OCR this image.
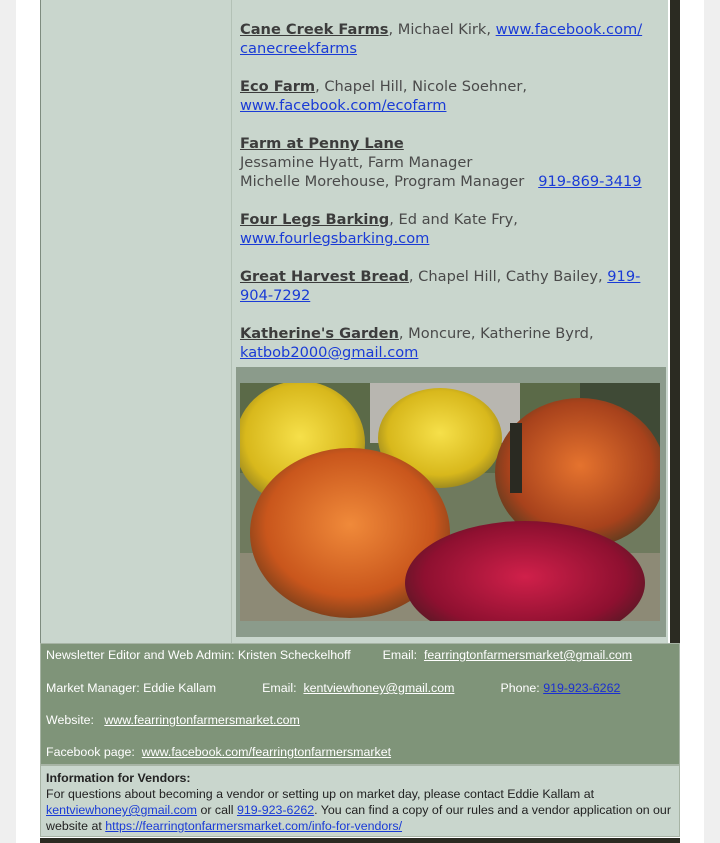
Cane Creek Farms, Michael Kirk, www.facebook.com/ canecreekfarms
Eco Farm, Chapel Hill, Nicole Soehner,
www.facebook.com/ecofarm
Farm at Penny Lane
Jessamine Hyatt, Farm Manager
Michelle Morehouse, Program Manager 919-869-3419
Four Legs Barking, Ed and Kate Fry,
www.fourlegsbarking.com
Great Harvest Bread, Chapel Hill, Cathy Bailey, 919-904-7292
Katherine's Garden, Moncure, Katherine Byrd,
katbob2000@gmail.com
Newsletter Editor and Web Admin: Kristen Scheckelhoff	Email: fearringtonfarmersmarket@gmail.com
Market Manager: Eddie Kallam	Email: kentviewhoney@gmail.com	Phone: 919-923-6262
Website: www.fearringtonfarmersmarket.com
Facebook page: www.facebook.com/fearringtonfarmersmarket
Information for Vendors:
For questions about becoming a vendor or setting up on market day, please contact Eddie Kallam at
kentviewhoney@gmail.com or call 919-923-6262. You can find a copy of our rules and a vendor application on our website at https://fearringtonfarmersmarket.com/info-for-vendors/
